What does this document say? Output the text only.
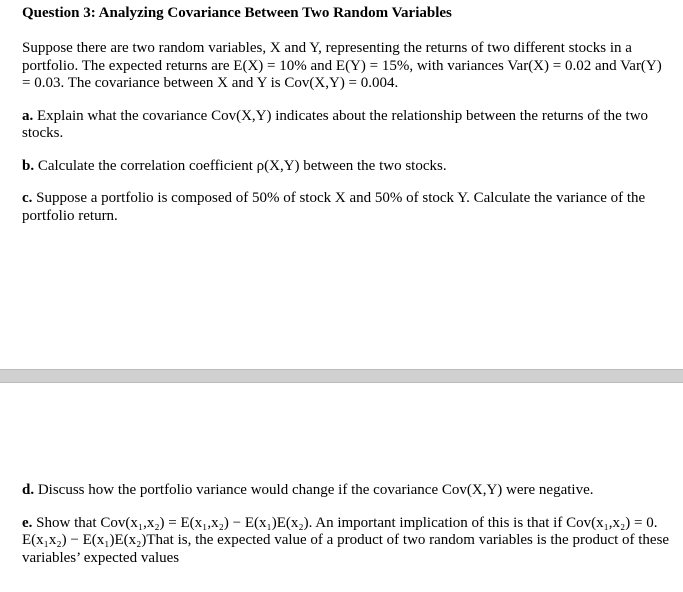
Question 3: Analyzing Covariance Between Two Random Variables

Suppose there are two random variables, X and Y, representing the returns of two different stocks in a portfolio. The expected returns are E(X) = 10% and E(Y) = 15%, with variances Var(X) = 0.02 and Var(Y) = 0.03. The covariance between X and Y is Cov(X,Y) = 0.004.

a. Explain what the covariance Cov(X,Y) indicates about the relationship between the returns of the two stocks.

b. Calculate the correlation coefficient ρ(X,Y) between the two stocks.

c. Suppose a portfolio is composed of 50% of stock X and 50% of stock Y. Calculate the variance of the portfolio return.

d. Discuss how the portfolio variance would change if the covariance Cov(X,Y) were negative.

e. Show that Cov(x₁,x₂) = E(x₁,x₂) − E(x₁)E(x₂). An important implication of this is that if Cov(x₁,x₂) = 0. E(x₁x₂) − E(x₁)E(x₂)That is, the expected value of a product of two random variables is the product of these variables’ expected values
